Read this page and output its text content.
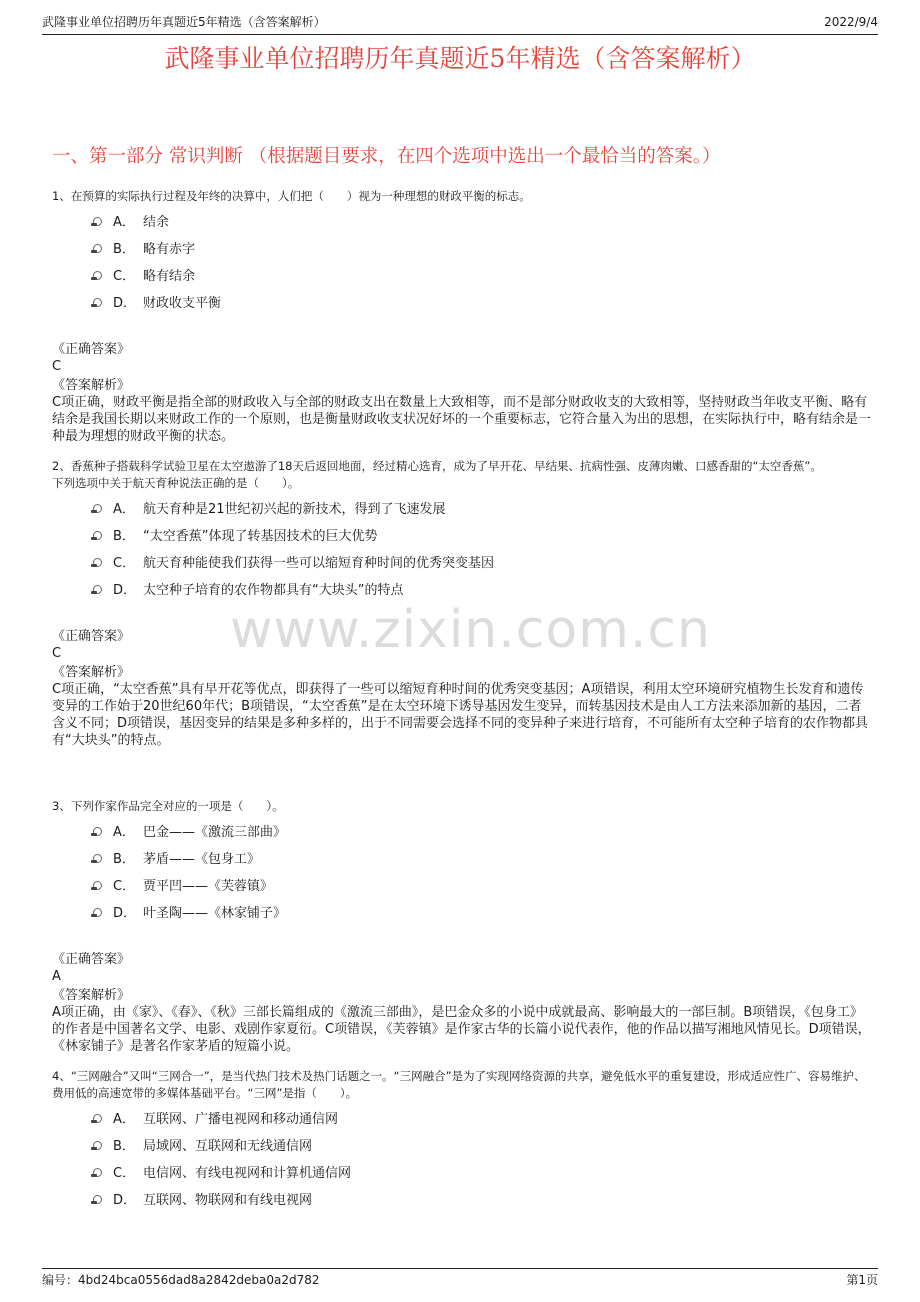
武隆事业单位招聘历年真题近5年精选（含答案解析）	2022/9/4
武隆事业单位招聘历年真题近5年精选（含答案解析）
一、第一部分 常识判断 （根据题目要求，在四个选项中选出一个最恰当的答案。）
www.zixin.com.cn
1、在预算的实际执行过程及年终的决算中，人们把（　　）视为一种理想的财政平衡的标志。
A． 结余
B． 略有赤字
C． 略有结余
D． 财政收支平衡
《正确答案》
C
《答案解析》
C项正确，财政平衡是指全部的财政收入与全部的财政支出在数量上大致相等，而不是部分财政收支的大致相等，坚持财政当年收支平衡、略有结余是我国长期以来财政工作的一个原则，也是衡量财政收支状况好坏的一个重要标志，它符合量入为出的思想，在实际执行中，略有结余是一种最为理想的财政平衡的状态。
2、香蕉种子搭载科学试验卫星在太空遨游了18天后返回地面，经过精心选育，成为了早开花、早结果、抗病性强、皮薄肉嫩、口感香甜的“太空香蕉”。
下列选项中关于航天育种说法正确的是（　　）。
A． 航天育种是21世纪初兴起的新技术，得到了飞速发展
B． “太空香蕉”体现了转基因技术的巨大优势
C． 航天育种能使我们获得一些可以缩短育种时间的优秀突变基因
D． 太空种子培育的农作物都具有“大块头”的特点
《正确答案》
C
《答案解析》
C项正确，“太空香蕉”具有早开花等优点，即获得了一些可以缩短育种时间的优秀突变基因；A项错误，利用太空环境研究植物生长发育和遗传变异的工作始于20世纪60年代；B项错误，“太空香蕉”是在太空环境下诱导基因发生变异，而转基因技术是由人工方法来添加新的基因，二者含义不同；D项错误，基因变异的结果是多种多样的，出于不同需要会选择不同的变异种子来进行培育，不可能所有太空种子培育的农作物都具有“大块头”的特点。
3、下列作家作品完全对应的一项是（　　）。
A． 巴金——《激流三部曲》
B． 茅盾——《包身工》
C． 贾平凹——《芙蓉镇》
D． 叶圣陶——《林家铺子》
《正确答案》
A
《答案解析》
A项正确，由《家》、《春》、《秋》三部长篇组成的《激流三部曲》，是巴金众多的小说中成就最高、影响最大的一部巨制。B项错误，《包身工》的作者是中国著名文学、电影、戏剧作家夏衍。C项错误，《芙蓉镇》是作家古华的长篇小说代表作，他的作品以描写湘地风情见长。D项错误，《林家铺子》是著名作家茅盾的短篇小说。
4、“三网融合”又叫“三网合一”，是当代热门技术及热门话题之一。“三网融合”是为了实现网络资源的共享，避免低水平的重复建设，形成适应性广、容易维护、费用低的高速宽带的多媒体基础平台。“三网”是指（　　）。
A． 互联网、广播电视网和移动通信网
B． 局域网、互联网和无线通信网
C． 电信网、有线电视网和计算机通信网
D． 互联网、物联网和有线电视网
编号：4bd24bca0556dad8a2842deba0a2d782	第1页
